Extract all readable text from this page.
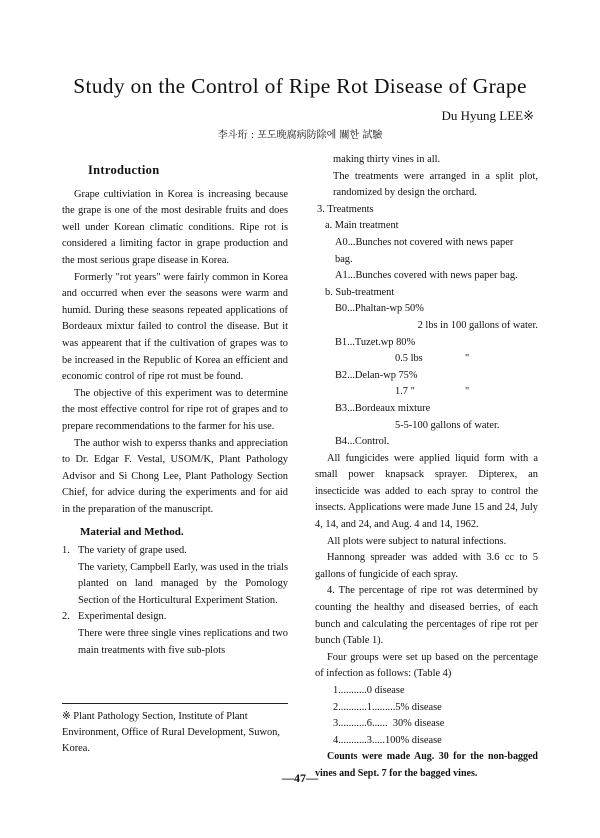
Study on the Control of Ripe Rot Disease of Grape
Du Hyung LEE※
李斗珩 : 포도晩腐病防除에 關한 試驗
Introduction

Grape cultiviation in Korea is increasing because the grape is one of the most desirable fruits and does well under Korean climatic conditions. Ripe rot is considered a limiting factor in grape production and the most serious grape disease in Korea.

Formerly "rot years" were fairly common in Korea and occurred when ever the seasons were warm and humid. During these seasons repeated applications of Bordeaux mixtur failed to control the disease. But it was appearent that if the cultivation of grapes was to be increased in the Republic of Korea an efficient and economic control of ripe rot must be found.

The objective of this experiment was to determine the most effective control for ripe rot of grapes and to prepare recommendations to the farmer for his use.

The author wish to experss thanks and appreciation to Dr. Edgar F. Vestal, USOM/K, Plant Pathology Advisor and Si Chong Lee, Plant Pathology Section Chief, for advice during the experiments and for aid in the preparation of the manuscript.

Material and Method.
1. The variety of grape used.
The variety, Campbell Early, was used in the trials planted on land managed by the Pomology Section of the Horticultural Experiment Station.
2. Experimental design.
There were three single vines replications and two main treatments with five sub-plots
※ Plant Pathology Section, Institute of Plant Environment, Office of Rural Development, Suwon, Korea.

making thirty vines in all.

The treatments were arranged in a split plot, randomized by design the orchard.

3. Treatments
a. Main treatment
A0...Bunches not covered with news paper bag.
A1...Bunches covered with news paper bag.
b. Sub-treatment
B0...Phaltan-wp 50%
2 lbs in 100 gallons of water.
B1...Tuzet.wp 80%
0.5 lbs	"
B2...Delan-wp 75%
1.7 "	"
B3...Bordeaux mixture
5-5-100 gallons of water.
B4...Control.

All fungicides were applied liquid form with a small power knapsack sprayer. Dipterex, an insecticide was added to each spray to control the insects. Applications were made June 15 and 24, July 4, 14, and 24, and Aug. 4 and 14, 1962.

All plots were subject to natural infections.

Hannong spreader was added with 3.6 cc to 5 gallons of fungicide of each spray.

4. The percentage of ripe rot was determined by counting the healthy and diseased berries, of each bunch and calculating the percentages of ripe rot per bunch (Table 1).

Four groups were set up based on the percentage of infection as follows: (Table 4)

1...........0 disease
2...........1.........5% disease
3...........6......  30% disease
4...........3.....100% disease

Counts were made Aug. 30 for the non-bagged vines and Sept. 7 for the bagged vines.

—47—
